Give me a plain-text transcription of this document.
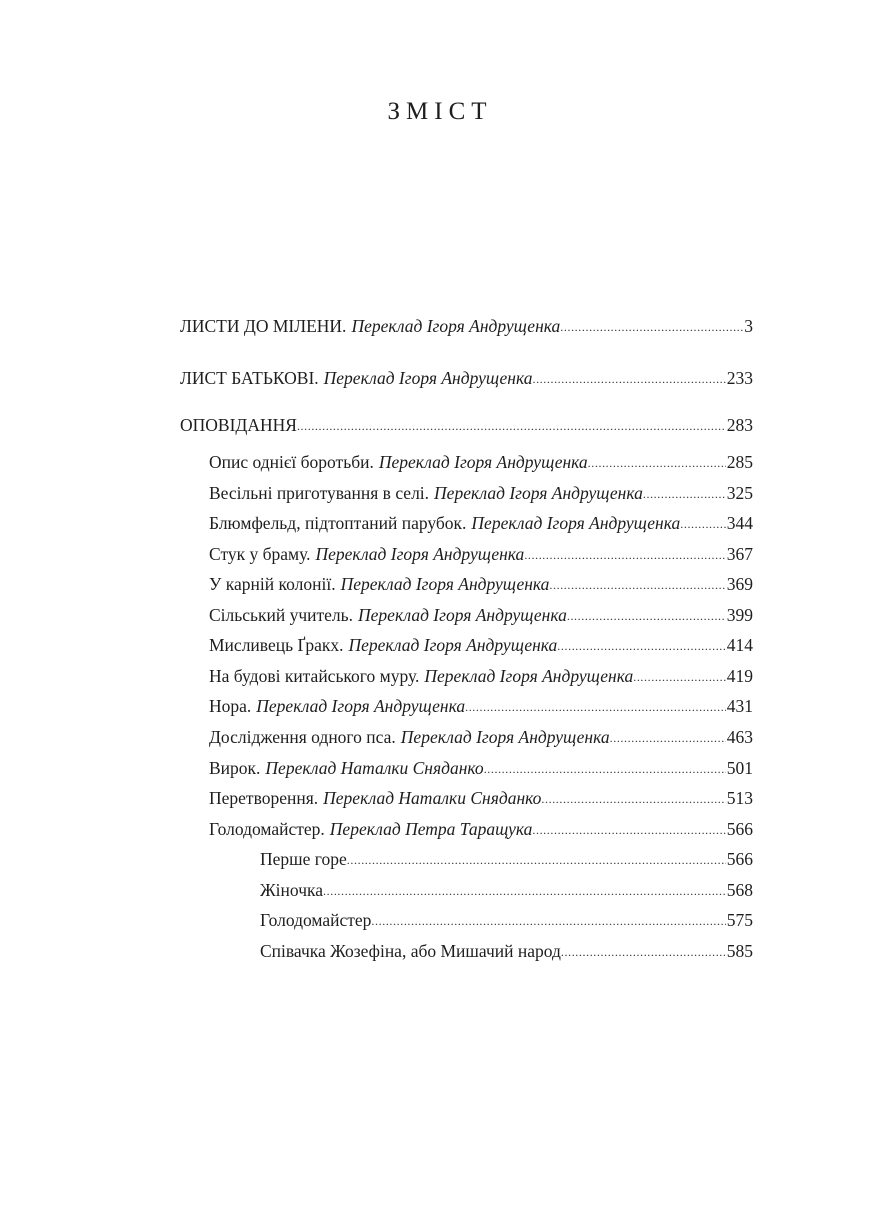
ЗМІСТ
ЛИСТИ ДО МІЛЕНИ. Переклад Ігоря Андрущенка .....	3
ЛИСТ БАТЬКОВІ. Переклад Ігоря Андрущенка .....	233
ОПОВІДАННЯ .....	283
Опис однієї боротьби. Переклад Ігоря Андрущенка .....	285
Весільні приготування в селі. Переклад Ігоря Андрущенка .....	325
Блюмфельд, підтоптаний парубок. Переклад Ігоря Андрущенка .....	344
Стук у браму. Переклад Ігоря Андрущенка .....	367
У карній колонії. Переклад Ігоря Андрущенка .....	369
Сільський учитель. Переклад Ігоря Андрущенка .....	399
Мисливець Ґракх. Переклад Ігоря Андрущенка .....	414
На будові китайського муру. Переклад Ігоря Андрущенка .....	419
Нора. Переклад Ігоря Андрущенка .....	431
Дослідження одного пса. Переклад Ігоря Андрущенка .....	463
Вирок. Переклад Наталки Сняданко .....	501
Перетворення. Переклад Наталки Сняданко .....	513
Голодомайстер. Переклад Петра Таращука .....	566
Перше горе .....	566
Жіночка .....	568
Голодомайстер .....	575
Співачка Жозефіна, або Мишачий народ .....	585
